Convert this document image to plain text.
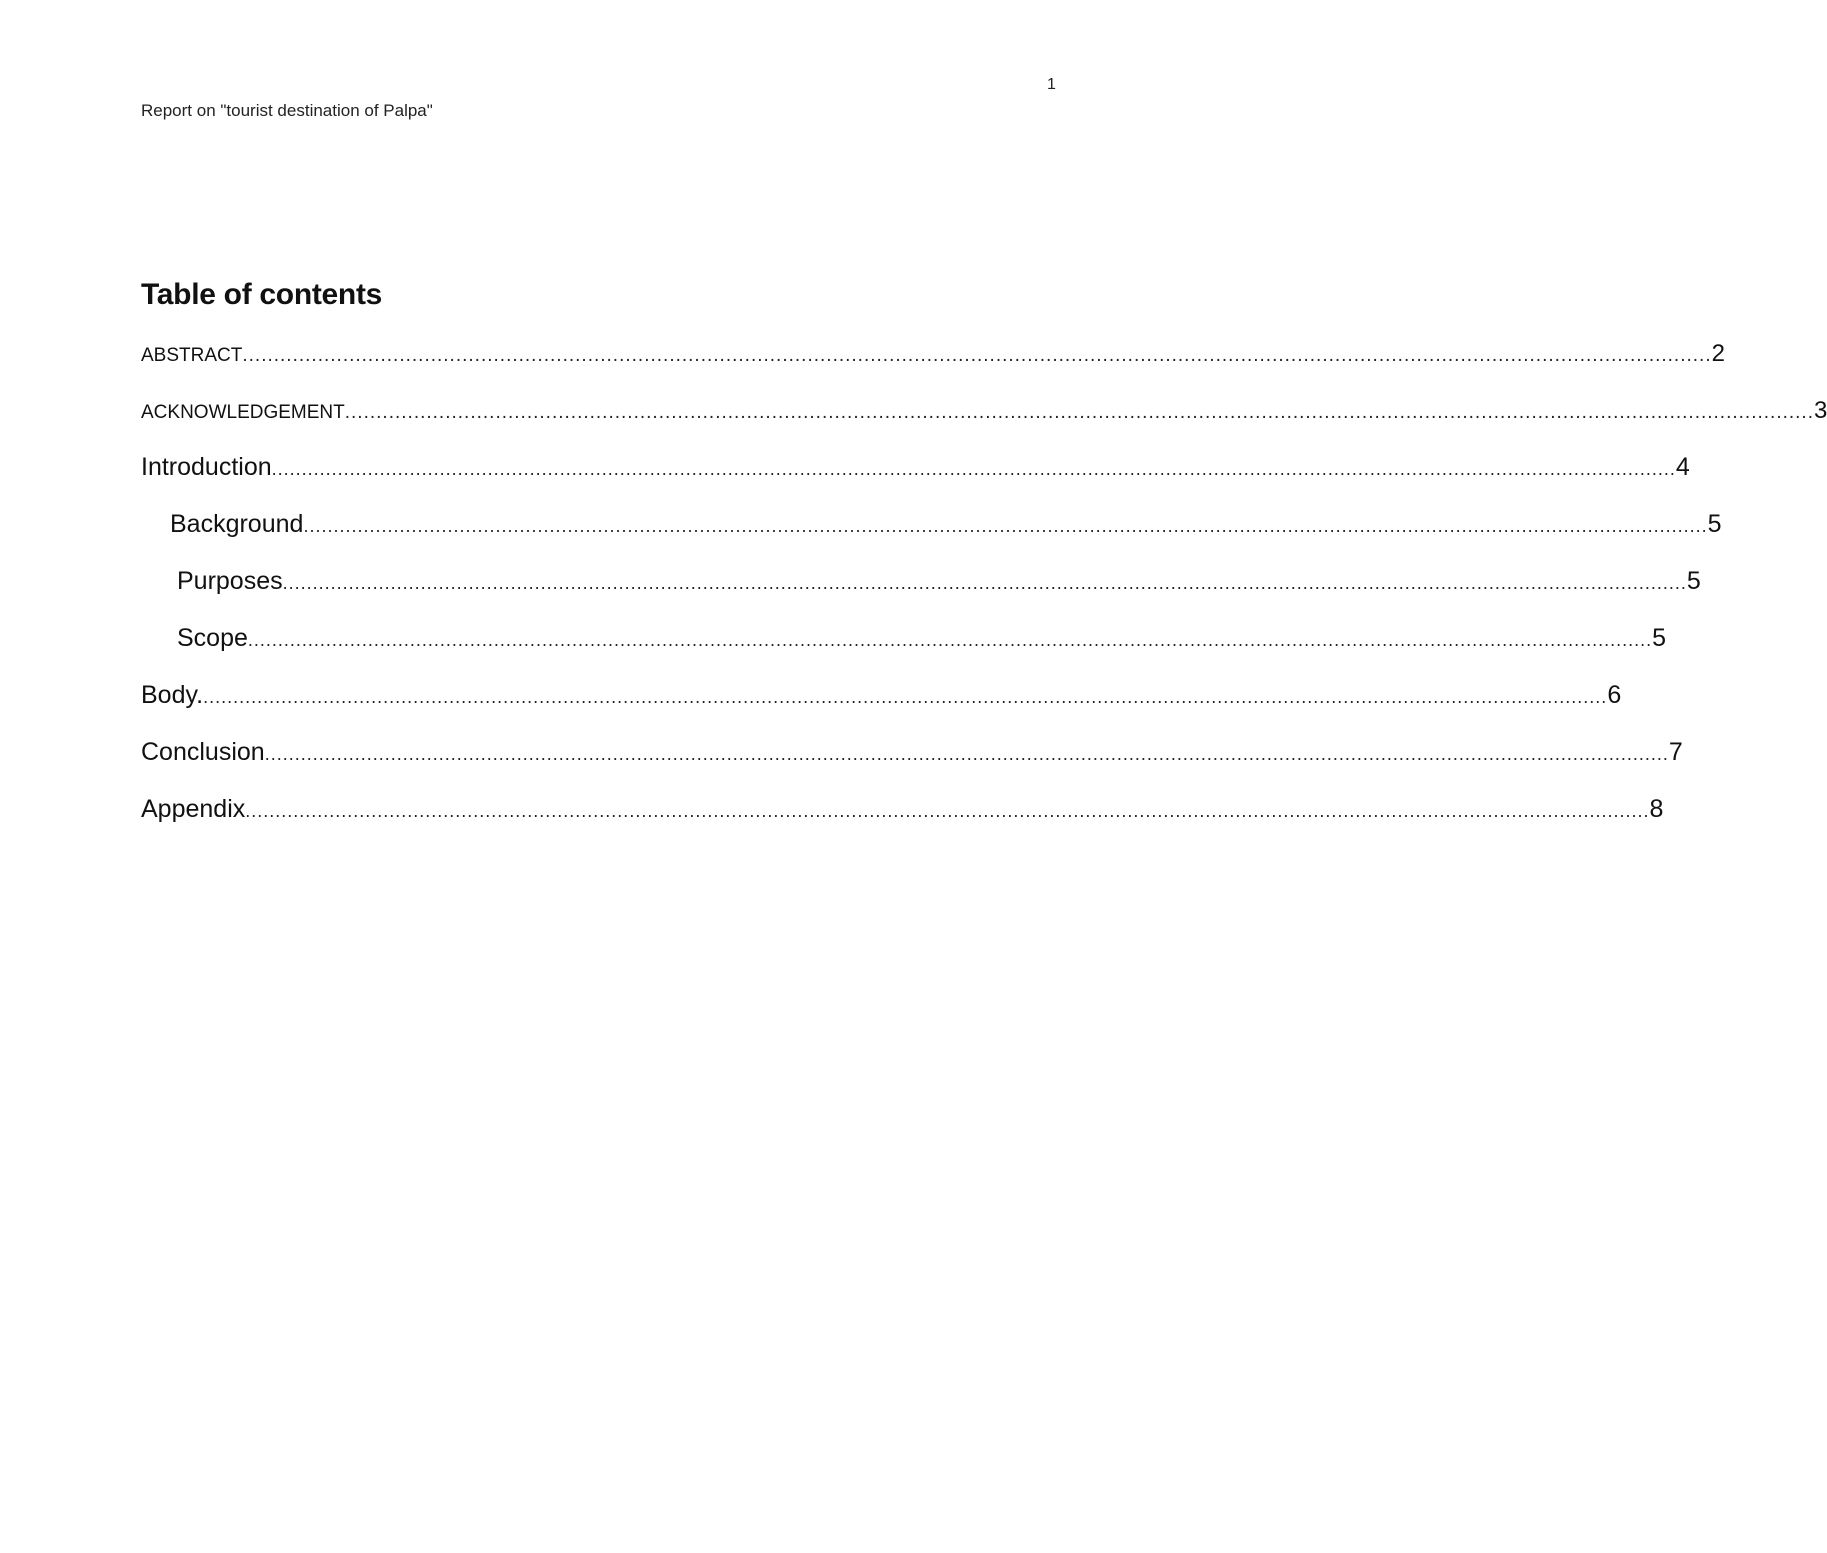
1
Report on "tourist destination of Palpa"
Table of contents
ABSTRACT .......................................................................................................................................................................................................................................... 2
ACKNOWLEDGEMENT .......................................................................................................................................................................................................................................... 3
Introduction .......................................................................................................................................................................................................................................... 4
Background .......................................................................................................................................................................................................................................... 5
Purposes .......................................................................................................................................................................................................................................... 5
Scope .......................................................................................................................................................................................................................................... 5
Body. .......................................................................................................................................................................................................................................... 6
Conclusion .......................................................................................................................................................................................................................................... 7
Appendix .......................................................................................................................................................................................................................................... 8
